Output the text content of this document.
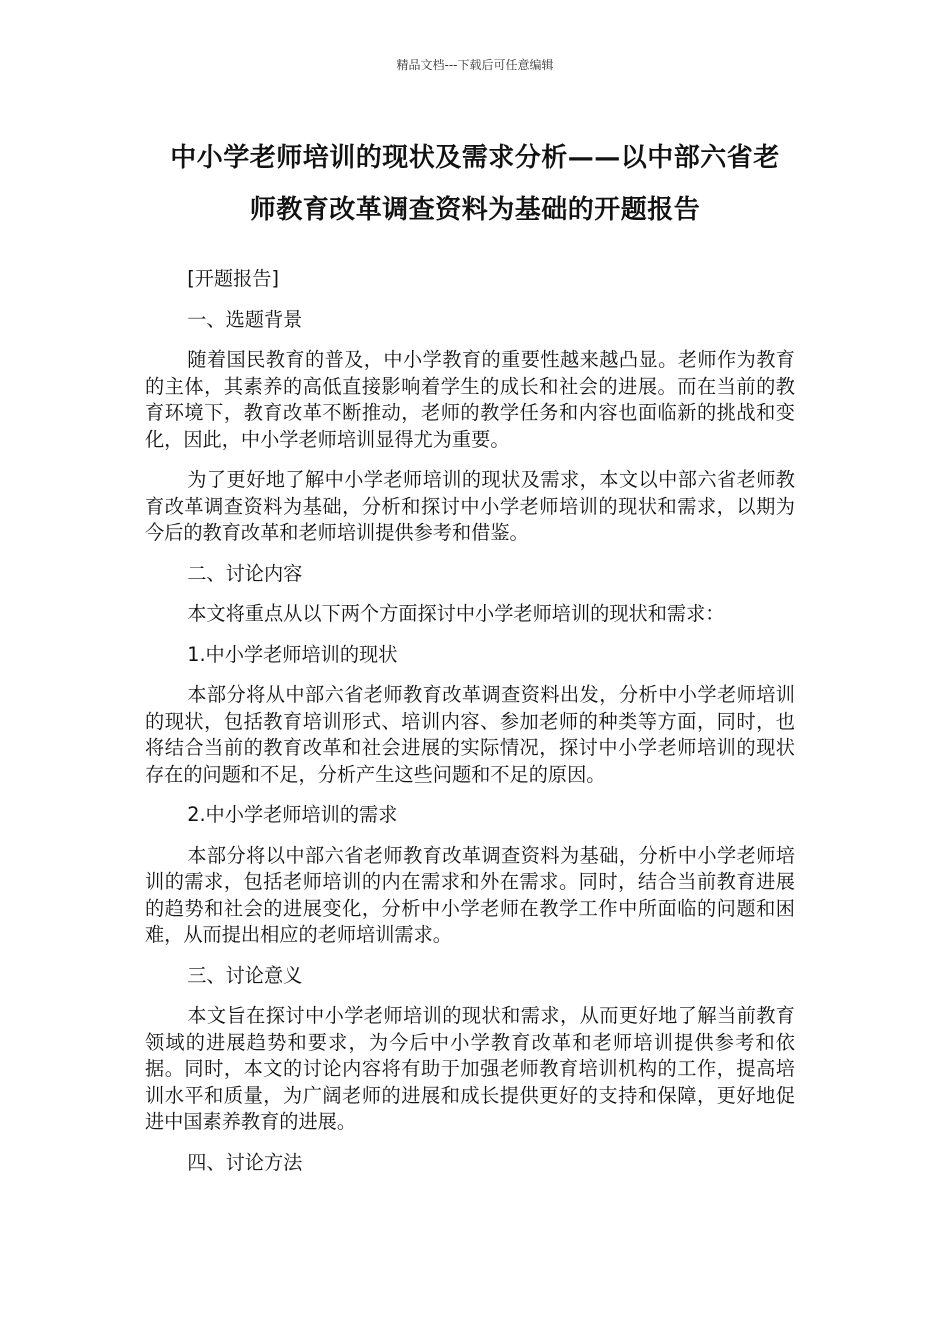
精品文档---下载后可任意编辑
中小学老师培训的现状及需求分析——以中部六省老
师教育改革调查资料为基础的开题报告
[开题报告]
一、选题背景

随着国民教育的普及，中小学教育的重要性越来越凸显。老师作为教育的主体，其素养的高低直接影响着学生的成长和社会的进展。而在当前的教育环境下，教育改革不断推动，老师的教学任务和内容也面临新的挑战和变化，因此，中小学老师培训显得尤为重要。

为了更好地了解中小学老师培训的现状及需求，本文以中部六省老师教育改革调查资料为基础，分析和探讨中小学老师培训的现状和需求，以期为今后的教育改革和老师培训提供参考和借鉴。

二、讨论内容

本文将重点从以下两个方面探讨中小学老师培训的现状和需求：

1.中小学老师培训的现状

本部分将从中部六省老师教育改革调查资料出发，分析中小学老师培训的现状，包括教育培训形式、培训内容、参加老师的种类等方面，同时，也将结合当前的教育改革和社会进展的实际情况，探讨中小学老师培训的现状存在的问题和不足，分析产生这些问题和不足的原因。

2.中小学老师培训的需求

本部分将以中部六省老师教育改革调查资料为基础，分析中小学老师培训的需求，包括老师培训的内在需求和外在需求。同时，结合当前教育进展的趋势和社会的进展变化，分析中小学老师在教学工作中所面临的问题和困难，从而提出相应的老师培训需求。

三、讨论意义

本文旨在探讨中小学老师培训的现状和需求，从而更好地了解当前教育领域的进展趋势和要求，为今后中小学教育改革和老师培训提供参考和依据。同时，本文的讨论内容将有助于加强老师教育培训机构的工作，提高培训水平和质量，为广阔老师的进展和成长提供更好的支持和保障，更好地促进中国素养教育的进展。

四、讨论方法
